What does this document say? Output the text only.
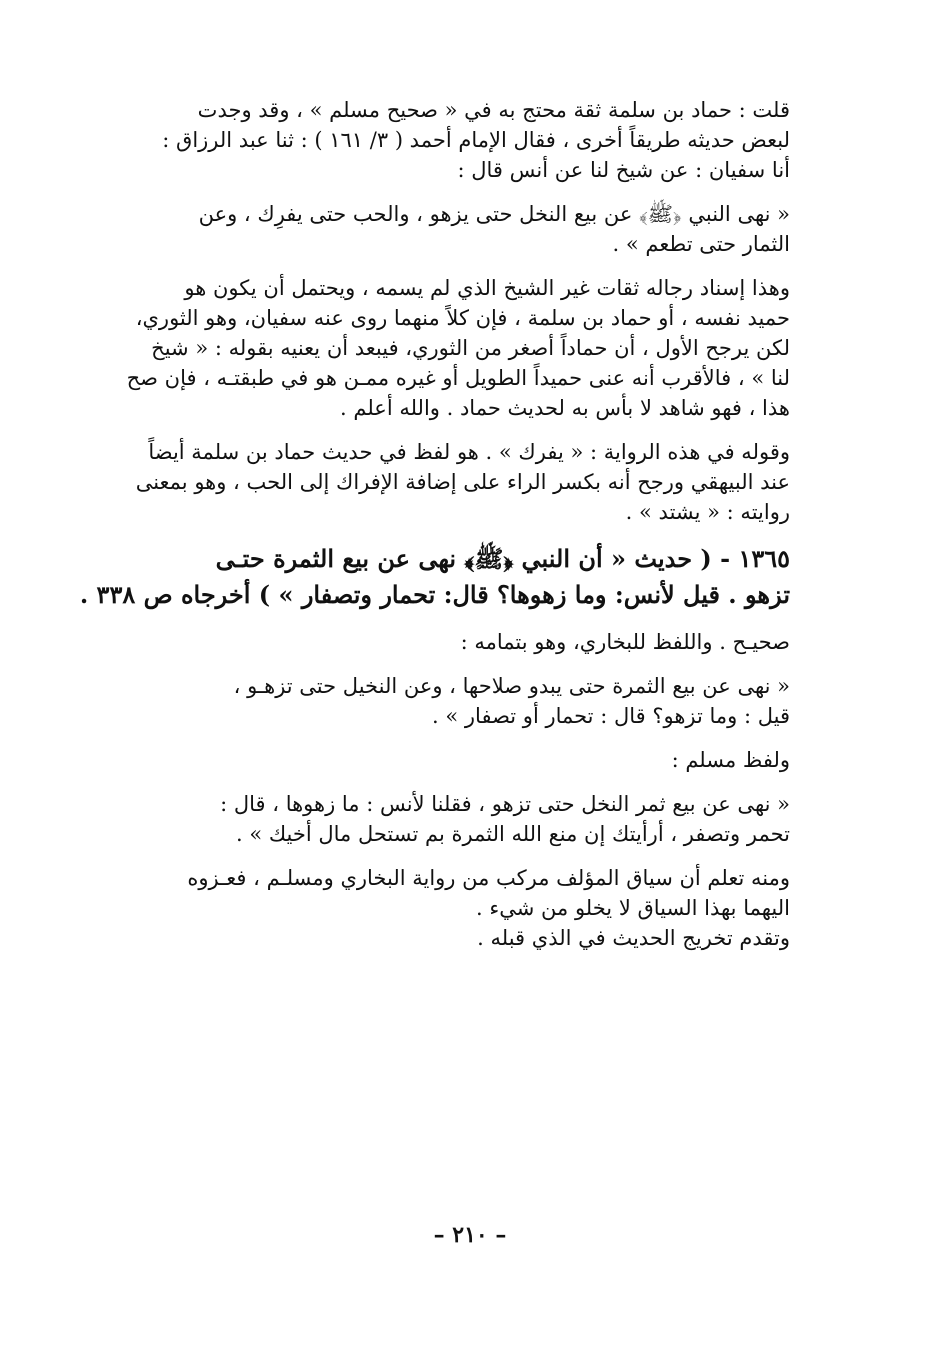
قلت : حماد بن سلمة ثقة محتج به في « صحيح مسلم » ، وقد وجدت
لبعض حديثه طريقاً أخرى ، فقال الإمام أحمد ( ٣/ ١٦١ ) : ثنا عبد الرزاق :
أنا سفيان : عن شيخ لنا عن أنس قال :
« نهى النبي ﴿ﷺ﴾ عن بيع النخل حتى يزهو ، والحب حتى يفرِك ، وعن
الثمار حتى تطعم » .
وهذا إسناد رجاله ثقات غير الشيخ الذي لم يسمه ، ويحتمل أن يكون هو
حميد نفسه ، أو حماد بن سلمة ، فإن كلاً منهما روى عنه سفيان، وهو الثوري،
لكن يرجح الأول ، أن حماداً أصغر من الثوري، فيبعد أن يعنيه بقوله : « شيخ
لنا » ، فالأقرب أنه عنى حميداً الطويل أو غيره ممـن هو في طبقتـه ، فإن صح
هذا ، فهو شاهد لا بأس به لحديث حماد . والله أعلم .
وقوله في هذه الرواية : « يفرك » . هو لفظ في حديث حماد بن سلمة أيضاً
عند البيهقي ورجح أنه بكسر الراء على إضافة الإفراك إلى الحب ، وهو بمعنى
روايته : « يشتد » .
١٣٦٥ - ( حديث « أن النبي ﴿ﷺ﴾ نهى عن بيع الثمرة حتـى
تزهو . قيل لأنس: وما زهوها؟ قال: تحمار وتصفار » ) أخرجاه ص ٣٣٨ .
صحيـح . واللفظ للبخاري، وهو بتمامه :
« نهى عن بيع الثمرة حتى يبدو صلاحها ، وعن النخيل حتى تزهـو ،
قيل : وما تزهو؟ قال : تحمار أو تصفار » .
ولفظ مسلم :
« نهى عن بيع ثمر النخل حتى تزهو ، فقلنا لأنس : ما زهوها ، قال :
تحمر وتصفر ، أرأيتك إن منع الله الثمرة بم تستحل مال أخيك » .
ومنه تعلم أن سياق المؤلف مركب من رواية البخاري ومسلـم ، فعـزوه
اليهما بهذا السياق لا يخلو من شيء .
وتقدم تخريج الحديث في الذي قبله .
– ٢١٠ –
